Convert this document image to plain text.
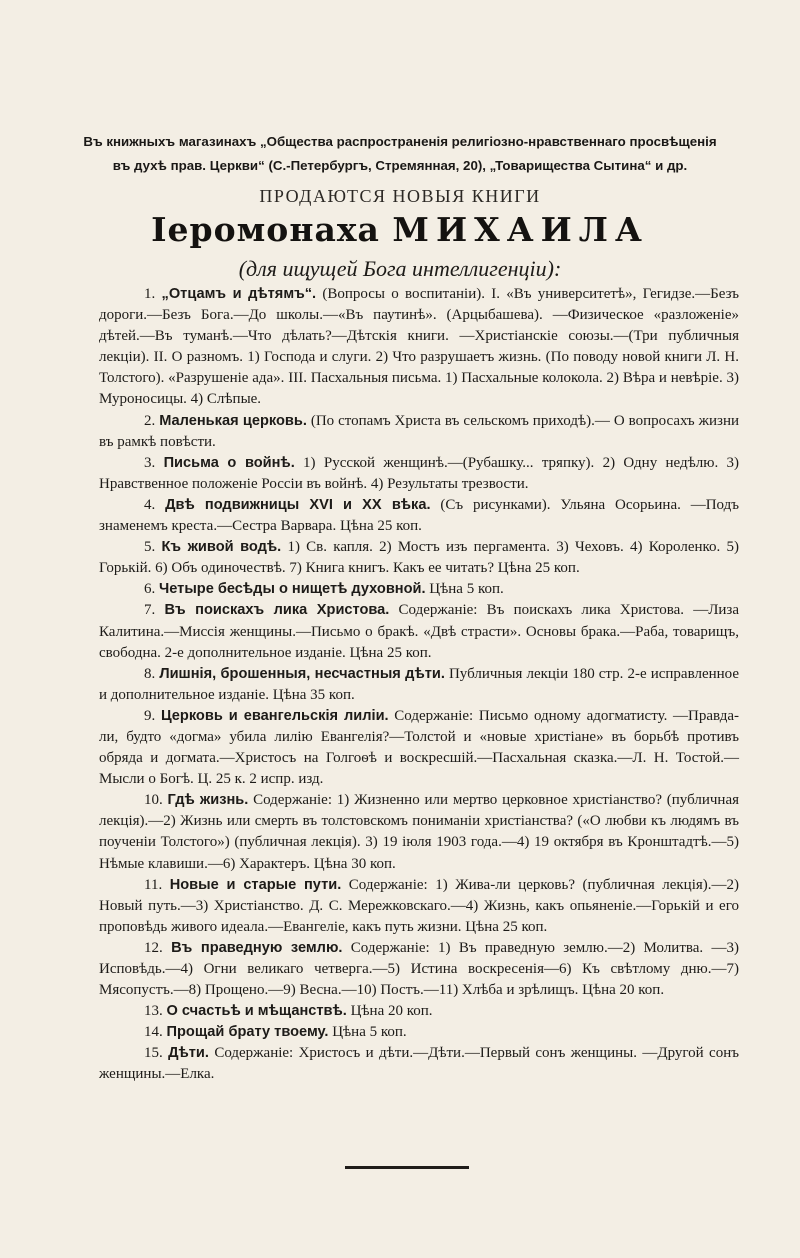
Въ книжныхъ магазинахъ „Общества распространенія религіозно-нравственнаго просвѣщенія
въ духѣ прав. Церкви“ (С.-Петербургъ, Стремянная, 20), „Товарищества Сытина“ и др.
ПРОДАЮТСЯ НОВЫЯ КНИГИ
Іеромонаха МИХАИЛА
(для ищущей Бога интеллигенціи):

1. „Отцамъ и дѣтямъ“. (Вопросы о воспитаніи). I. «Въ университетѣ», Гегидзе.—Безъ дороги.—Безъ Бога.—До школы.—«Въ паутинѣ». (Арцыбашева). —Физическое «разложеніе» дѣтей.—Въ туманѣ.—Что дѣлать?—Дѣтскія книги. —Христіанскіе союзы.—(Три публичныя лекціи). II. О разномъ. 1) Господа и слуги. 2) Что разрушаетъ жизнь. (По поводу новой книги Л. Н. Толстого). «Разрушеніе ада». III. Пасхальныя письма. 1) Пасхальные колокола. 2) Вѣра и невѣріе. 3) Муроносицы. 4) Слѣпые.

2. Маленькая церковь. (По стопамъ Христа въ сельскомъ приходѣ).— О вопросахъ жизни въ рамкѣ повѣсти.

3. Письма о войнѣ. 1) Русской женщинѣ.—(Рубашку... тряпку). 2) Одну недѣлю. 3) Нравственное положеніе Россіи въ войнѣ. 4) Результаты трезвости.

4. Двѣ подвижницы XVI и XX вѣка. (Съ рисунками). Ульяна Осорьина. —Подъ знаменемъ креста.—Сестра Варвара. Цѣна 25 коп.

5. Къ живой водѣ. 1) Св. капля. 2) Мостъ изъ пергамента. 3) Чеховъ. 4) Короленко. 5) Горькій. 6) Объ одиночествѣ. 7) Книга книгъ. Какъ ее читать? Цѣна 25 коп.

6. Четыре бесѣды о нищетѣ духовной. Цѣна 5 коп.

7. Въ поискахъ лика Христова. Содержаніе: Въ поискахъ лика Христова. —Лиза Калитина.—Миссія женщины.—Письмо о бракѣ. «Двѣ страсти». Основы брака.—Раба, товарищъ, свободна. 2-е дополнительное изданіе. Цѣна 25 коп.

8. Лишнія, брошенныя, несчастныя дѣти. Публичныя лекціи 180 стр. 2-е исправленное и дополнительное изданіе. Цѣна 35 коп.

9. Церковь и евангельскія лиліи. Содержаніе: Письмо одному адогматисту. —Правда-ли, будто «догма» убила лилію Евангелія?—Толстой и «новые христіане» въ борьбѣ противъ обряда и догмата.—Христосъ на Голгоѳѣ и воскресшій.—Пасхальная сказка.—Л. Н. Тостой.—Мысли о Богѣ. Ц. 25 к. 2 испр. изд.

10. Гдѣ жизнь. Содержаніе: 1) Жизненно или мертво церковное христіанство? (публичная лекція).—2) Жизнь или смерть въ толстовскомъ пониманіи христіанства? («О любви къ людямъ въ поученіи Толстого») (публичная лекція). 3) 19 іюля 1903 года.—4) 19 октября въ Кронштадтѣ.—5) Нѣмые клавиши.—6) Характеръ. Цѣна 30 коп.

11. Новые и старые пути. Содержаніе: 1) Жива-ли церковь? (публичная лекція).—2) Новый путь.—3) Христіанство. Д. С. Мережковскаго.—4) Жизнь, какъ опьяненіе.—Горькій и его проповѣдь живого идеала.—Евангеліе, какъ путь жизни. Цѣна 25 коп.

12. Въ праведную землю. Содержаніе: 1) Въ праведную землю.—2) Молитва. —3) Исповѣдь.—4) Огни великаго четверга.—5) Истина воскресенія—6) Къ свѣтлому дню.—7) Мясопустъ.—8) Прощено.—9) Весна.—10) Постъ.—11) Хлѣба и зрѣлищъ. Цѣна 20 коп.

13. О счастьѣ и мѣщанствѣ. Цѣна 20 коп.

14. Прощай брату твоему. Цѣна 5 коп.

15. Дѣти. Содержаніе: Христосъ и дѣти.—Дѣти.—Первый сонъ женщины. —Другой сонъ женщины.—Елка.
